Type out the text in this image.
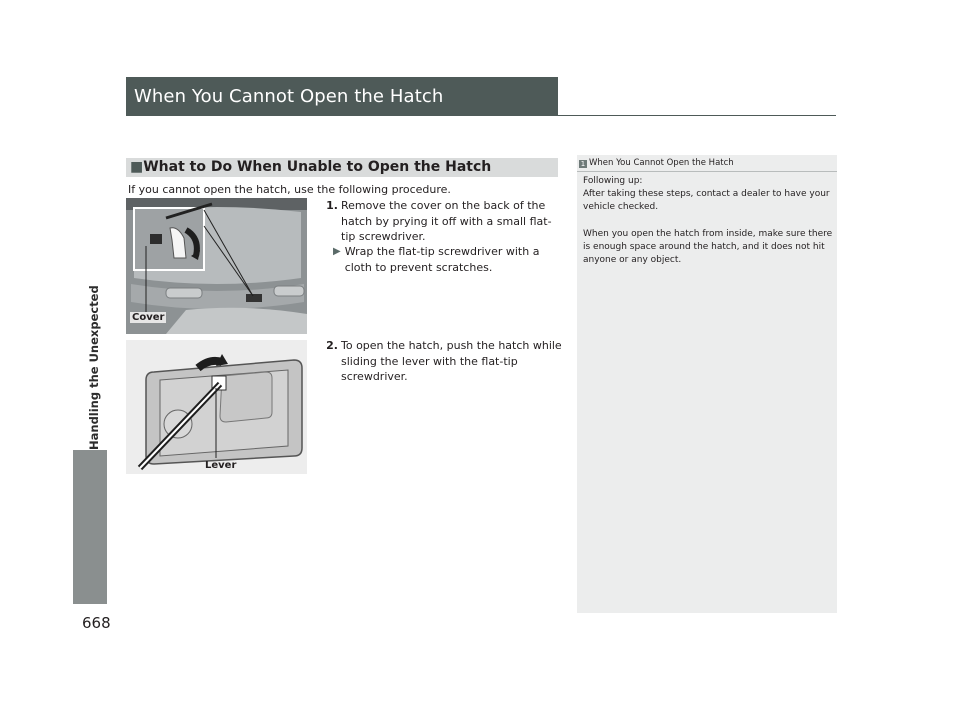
Handling the Unexpected
668
When You Cannot Open the Hatch
■What to Do When Unable to Open the Hatch
If you cannot open the hatch, use the following procedure.
1. Remove the cover on the back of the hatch by prying it off with a small flat-tip screwdriver.
▶ Wrap the flat-tip screwdriver with a cloth to prevent scratches.
2. To open the hatch, push the hatch while sliding the lever with the flat-tip screwdriver.
Cover
Lever
1 When You Cannot Open the Hatch
Following up:
After taking these steps, contact a dealer to have your vehicle checked.
When you open the hatch from inside, make sure there is enough space around the hatch, and it does not hit anyone or any object.
